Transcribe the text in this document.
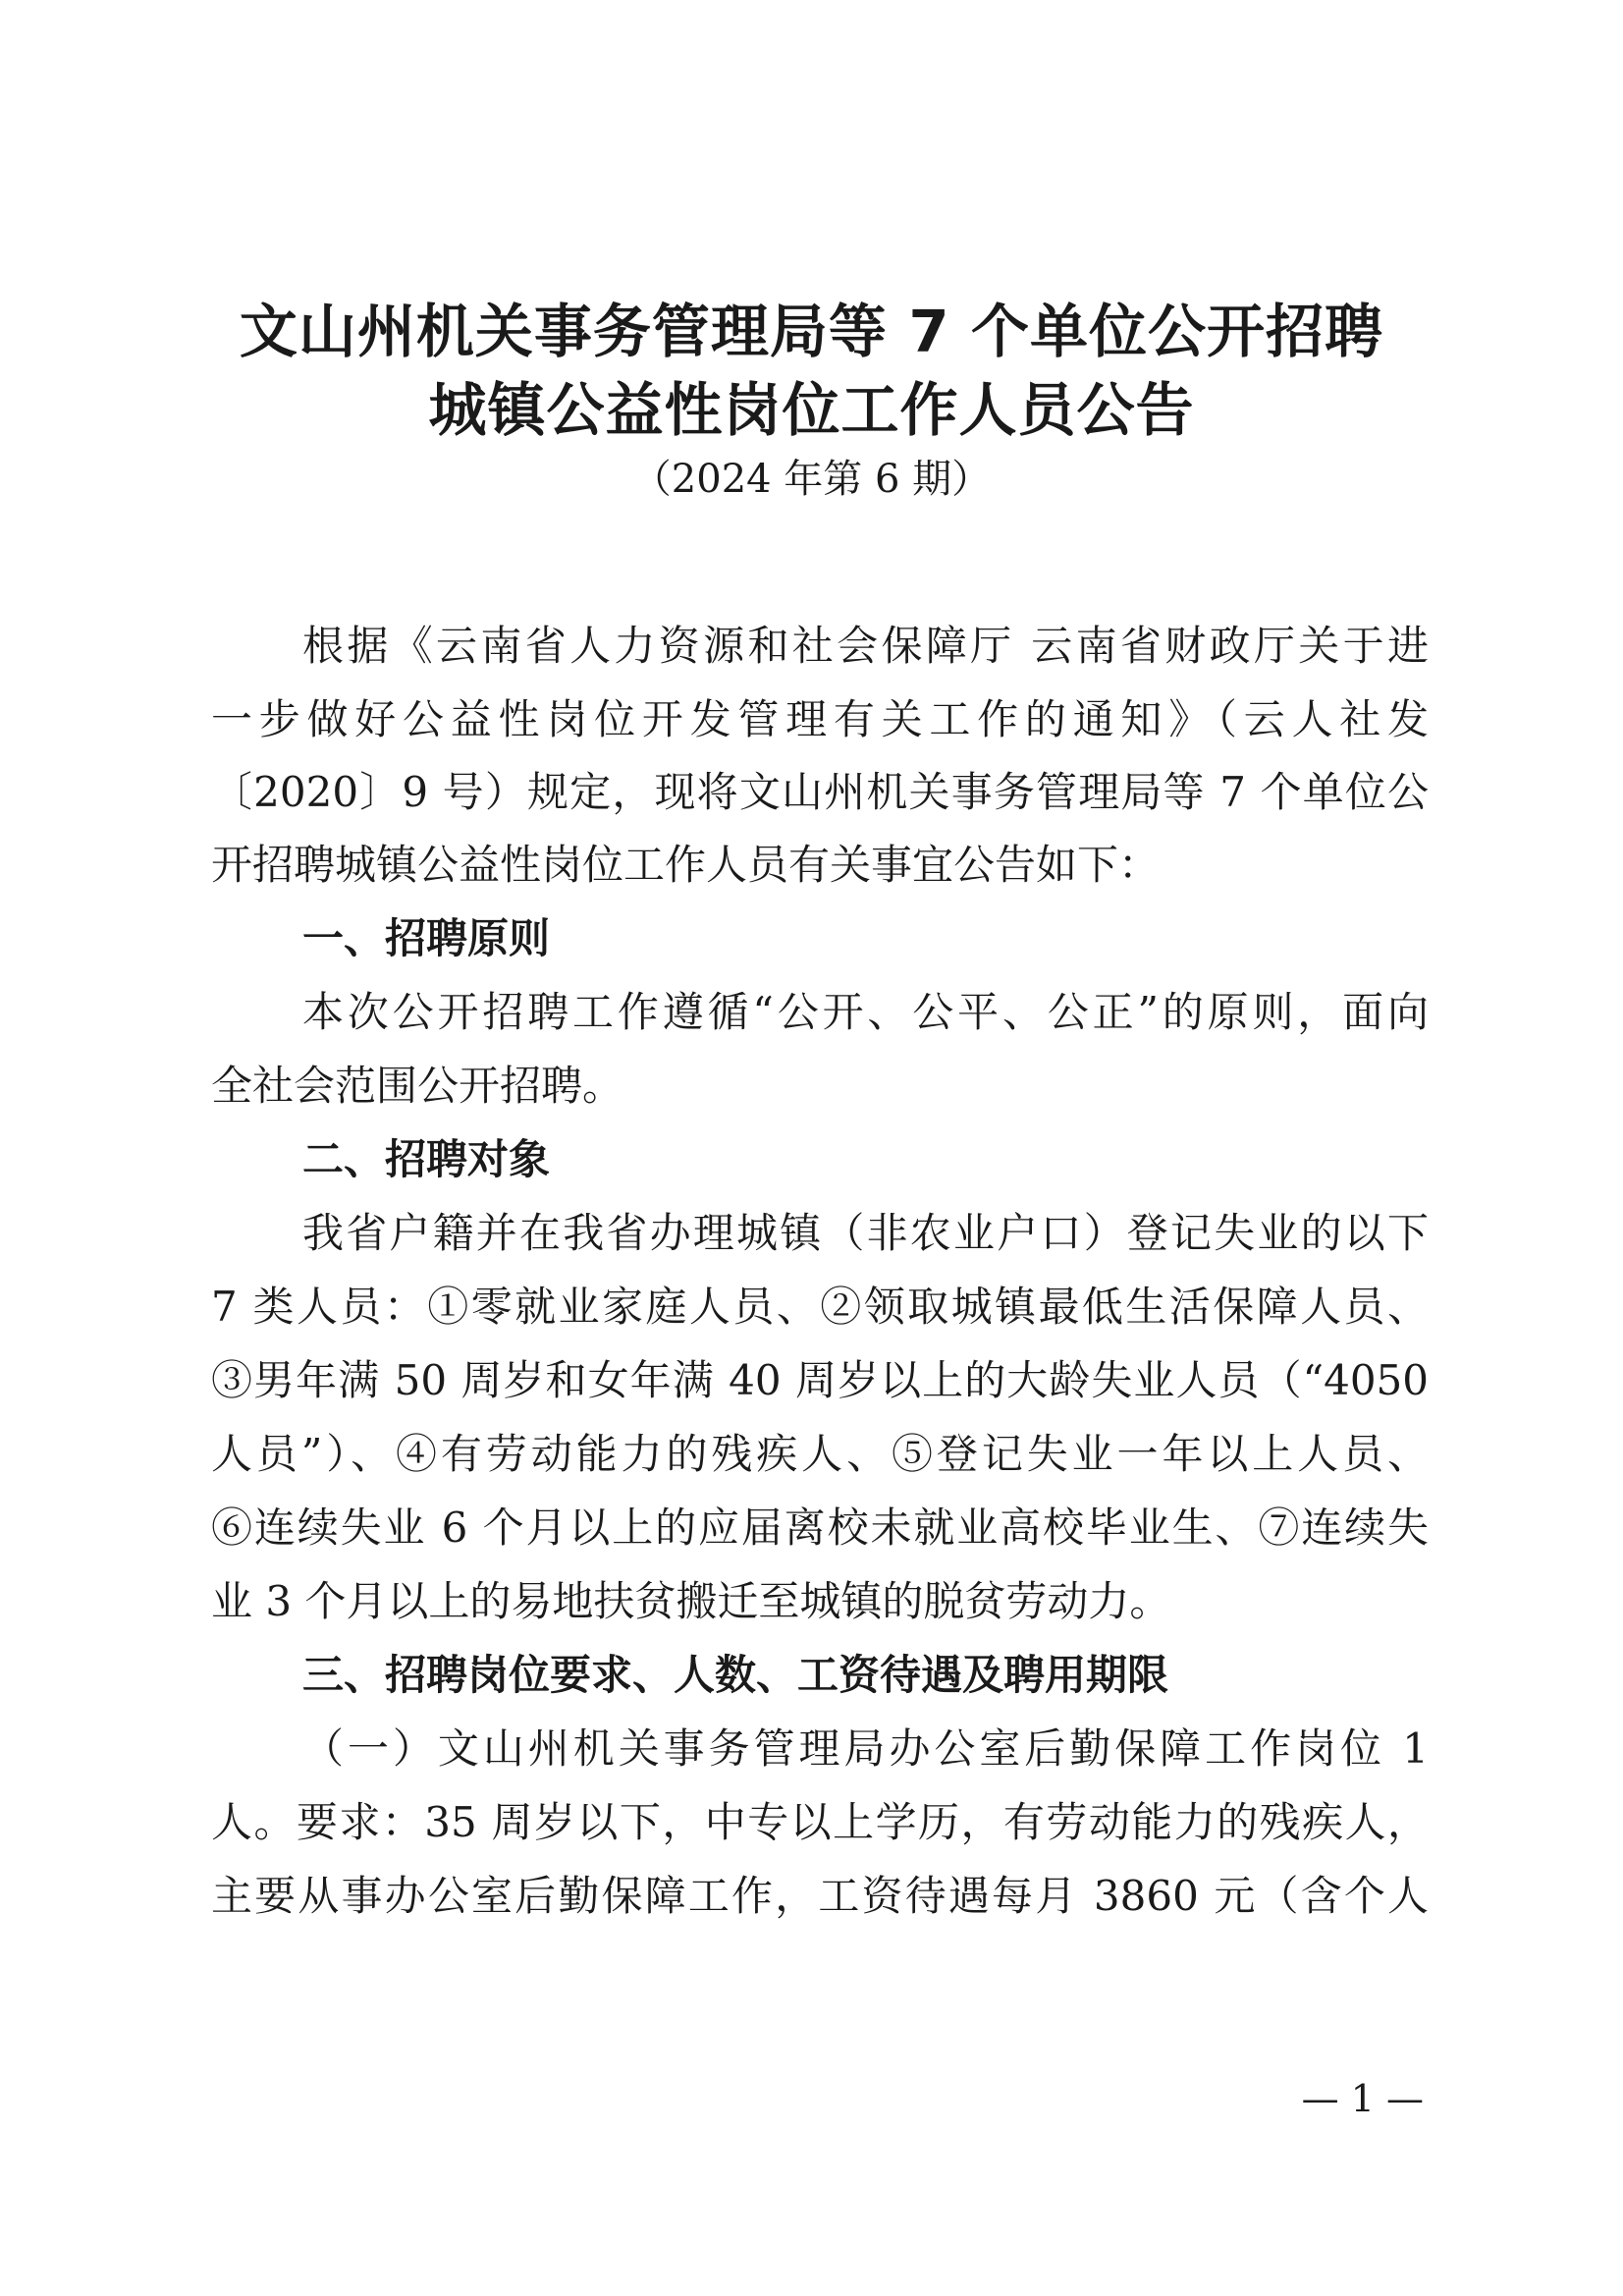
文山州机关事务管理局等 7 个单位公开招聘
城镇公益性岗位工作人员公告
（2024 年第 6 期）
根据《云南省人力资源和社会保障厅 云南省财政厅关于进
一步做好公益性岗位开发管理有关工作的通知》（云人社发
〔2020〕9 号）规定，现将文山州机关事务管理局等 7 个单位公
开招聘城镇公益性岗位工作人员有关事宜公告如下：
一、招聘原则
本次公开招聘工作遵循“公开、公平、公正”的原则，面向
全社会范围公开招聘。
二、招聘对象
我省户籍并在我省办理城镇（非农业户口）登记失业的以下
7 类人员：①零就业家庭人员、②领取城镇最低生活保障人员、
③男年满 50 周岁和女年满 40 周岁以上的大龄失业人员（“4050
人员”）、④有劳动能力的残疾人、⑤登记失业一年以上人员、
⑥连续失业 6 个月以上的应届离校未就业高校毕业生、⑦连续失
业 3 个月以上的易地扶贫搬迁至城镇的脱贫劳动力。
三、招聘岗位要求、人数、工资待遇及聘用期限
（一）文山州机关事务管理局办公室后勤保障工作岗位 1
人。要求：35 周岁以下，中专以上学历，有劳动能力的残疾人，
主要从事办公室后勤保障工作，工资待遇每月 3860 元（含个人
— 1 —
